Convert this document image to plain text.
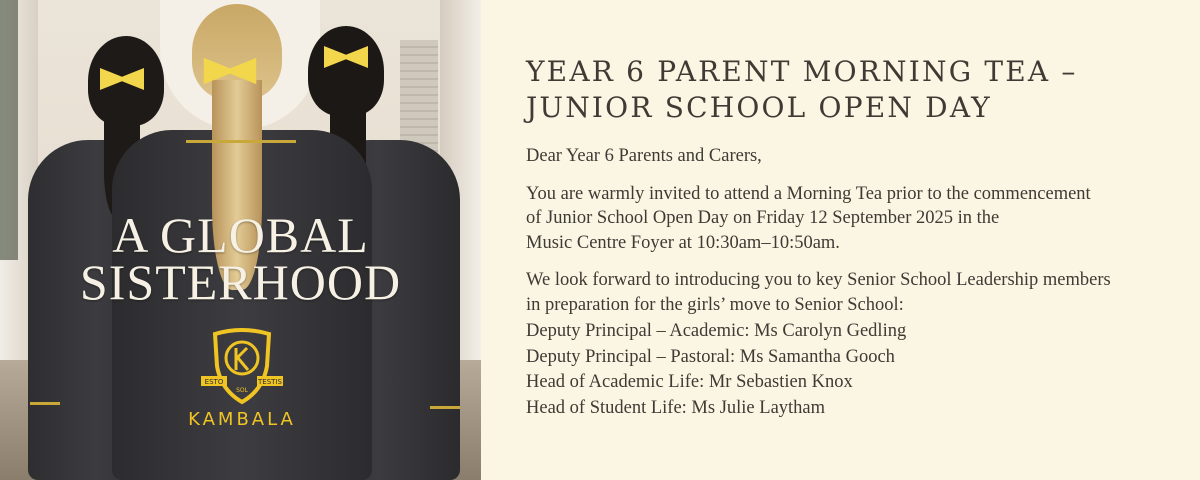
A GLOBAL
SISTERHOOD
ESTO	TESTIS
SOL
KAMBALA
YEAR 6 PARENT MORNING TEA –
JUNIOR SCHOOL OPEN DAY

Dear Year 6 Parents and Carers,

You are warmly invited to attend a Morning Tea prior to the commencement
of Junior School Open Day on Friday 12 September 2025 in the
Music Centre Foyer at 10:30am–10:50am.

We look forward to introducing you to key Senior School Leadership members
in preparation for the girls’ move to Senior School:

Deputy Principal – Academic: Ms Carolyn Gedling
Deputy Principal – Pastoral: Ms Samantha Gooch
Head of Academic Life: Mr Sebastien Knox
Head of Student Life: Ms Julie Laytham
